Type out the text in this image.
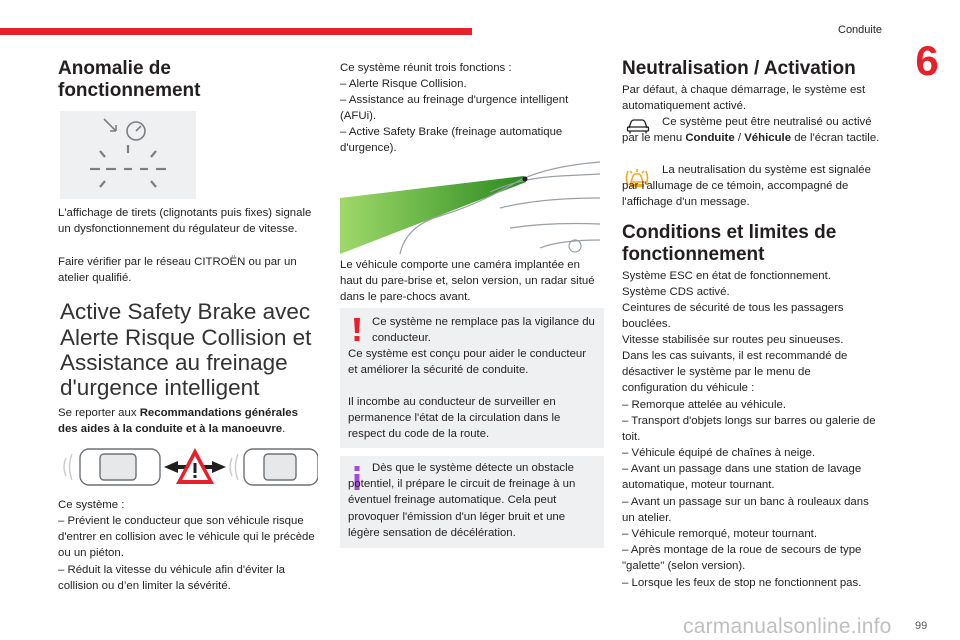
Conduite
6
Anomalie de fonctionnement

L'affichage de tirets (clignotants puis fixes) signale un dysfonctionnement du régulateur de vitesse.

Faire vérifier par le réseau CITROËN ou par un atelier qualifié.

Active Safety Brake avec
Alerte Risque Collision et
Assistance au freinage
d'urgence intelligent

Se reporter aux Recommandations générales des aides à la conduite et à la manoeuvre.

Ce système :

– Prévient le conducteur que son véhicule risque d'entrer en collision avec le véhicule qui le précède ou un piéton.

– Réduit la vitesse du véhicule afin d'éviter la collision ou d’en limiter la sévérité.

Ce système réunit trois fonctions :

– Alerte Risque Collision.

– Assistance au freinage d'urgence intelligent (AFUi).

– Active Safety Brake (freinage automatique d'urgence).

Le véhicule comporte une caméra implantée en haut du pare-brise et, selon version, un radar situé dans le pare-chocs avant.

Ce système ne remplace pas la vigilance du conducteur.

Ce système est conçu pour aider le conducteur et améliorer la sécurité de conduite.

Il incombe au conducteur de surveiller en permanence l'état de la circulation dans le respect du code de la route.

Dès que le système détecte un obstacle potentiel, il prépare le circuit de freinage à un éventuel freinage automatique. Cela peut provoquer l'émission d'un léger bruit et une légère sensation de décélération.

Neutralisation / Activation

Par défaut, à chaque démarrage, le système est automatiquement activé.

Ce système peut être neutralisé ou activé par le menu Conduite / Véhicule de l'écran tactile.

La neutralisation du système est signalée par l'allumage de ce témoin, accompagné de l'affichage d'un message.

Conditions et limites de
fonctionnement

Système ESC en état de fonctionnement.

Système CDS activé.

Ceintures de sécurité de tous les passagers bouclées.

Vitesse stabilisée sur routes peu sinueuses.

Dans les cas suivants, il est recommandé de désactiver le système par le menu de configuration du véhicule :

– Remorque attelée au véhicule.

– Transport d'objets longs sur barres ou galerie de toit.

– Véhicule équipé de chaînes à neige.

– Avant un passage dans une station de lavage automatique, moteur tournant.

– Avant un passage sur un banc à rouleaux dans un atelier.

– Véhicule remorqué, moteur tournant.

– Après montage de la roue de secours de type "galette" (selon version).

– Lorsque les feux de stop ne fonctionnent pas.

carmanualsonline.info 99
